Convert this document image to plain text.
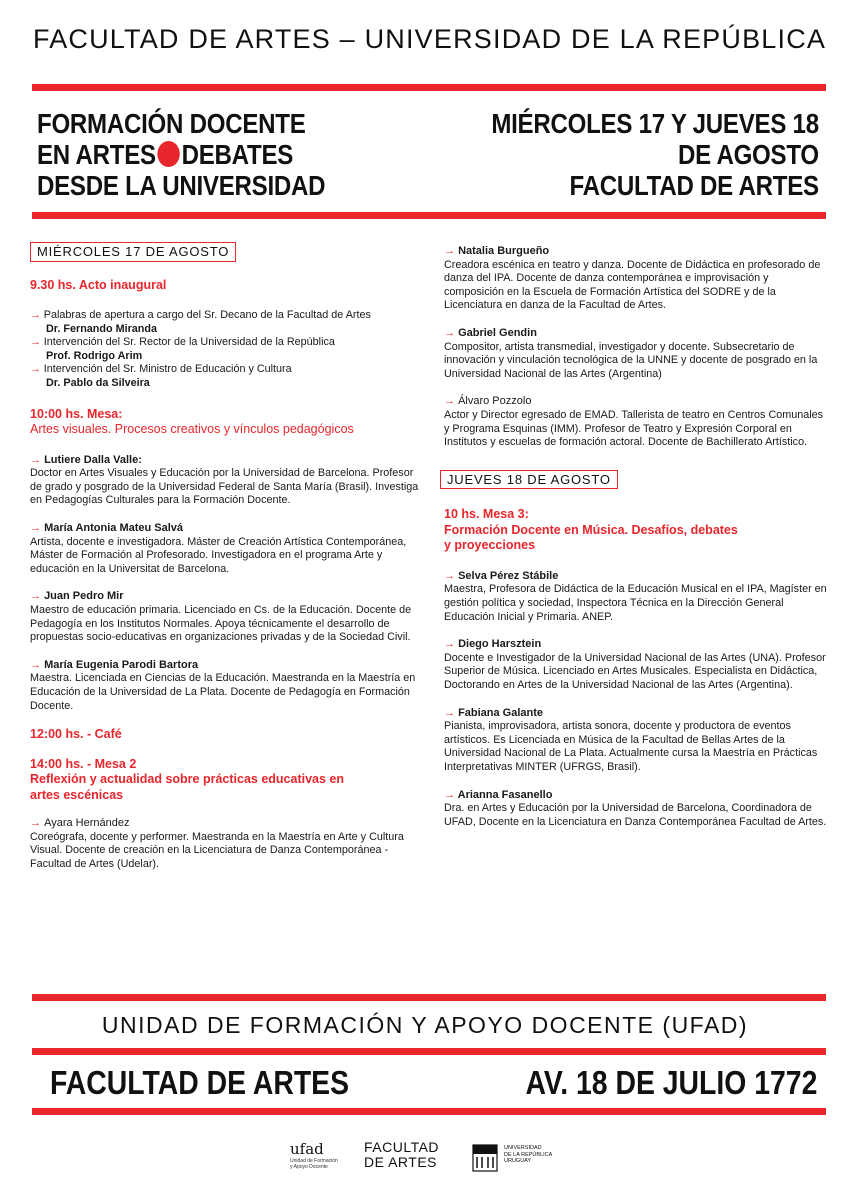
FACULTAD DE ARTES – UNIVERSIDAD DE LA REPÚBLICA
FORMACIÓN DOCENTE
EN ARTES DEBATES
DESDE LA UNIVERSIDAD
MIÉRCOLES 17 Y JUEVES 18
DE AGOSTO
FACULTAD DE ARTES
MIÉRCOLES 17 DE AGOSTO
9.30 hs. Acto inaugural
→ Palabras de apertura a cargo del Sr. Decano de la Facultad de Artes
Dr. Fernando Miranda
→ Intervención del Sr. Rector de la Universidad de la República
Prof. Rodrigo Arim
→ Intervención del Sr. Ministro de Educación y Cultura
Dr. Pablo da Silveira
10:00 hs. Mesa:
Artes visuales. Procesos creativos y vínculos pedagógicos
→ Lutiere Dalla Valle:
Doctor en Artes Visuales y Educación por la Universidad de Barcelona. Profesor de grado y posgrado de la Universidad Federal de Santa María (Brasil). Investiga en Pedagogías Culturales para la Formación Docente.
→ María Antonia Mateu Salvá
Artista, docente e investigadora. Máster de Creación Artística Contemporánea, Máster de Formación al Profesorado. Investigadora en el programa Arte y educación en la Universitat de Barcelona.
→ Juan Pedro Mir
Maestro de educación primaria. Licenciado en Cs. de la Educación. Docente de Pedagogía en los Institutos Normales. Apoya técnicamente el desarrollo de propuestas socio-educativas en organizaciones privadas y de la Sociedad Civil.
→ María Eugenia Parodi Bartora
Maestra. Licenciada en Ciencias de la Educación. Maestranda en la Maestría en Educación de la Universidad de La Plata. Docente de Pedagogía en Formación Docente.
12:00 hs. - Café
14:00 hs. - Mesa 2
Reflexión y actualidad sobre prácticas educativas en
artes escénicas
→ Ayara Hernández
Coreógrafa, docente y performer. Maestranda en la Maestría en Arte y Cultura Visual. Docente de creación en la Licenciatura de Danza Contemporánea - Facultad de Artes (Udelar).
→ Natalia Burgueño
Creadora escénica en teatro y danza. Docente de Didáctica en profesorado de danza del IPA. Docente de danza contemporánea e improvisación y composición en la Escuela de Formación Artística del SODRE y de la Licenciatura en danza de la Facultad de Artes.
→ Gabriel Gendin
Compositor, artista transmedial, investigador y docente. Subsecretario de innovación y vinculación tecnológica de la UNNE y docente de posgrado en la Universidad Nacional de las Artes (Argentina)
→ Álvaro Pozzolo
Actor y Director egresado de EMAD. Tallerista de teatro en Centros Comunales y Programa Esquinas (IMM). Profesor de Teatro y Expresión Corporal en Institutos y escuelas de formación actoral. Docente de Bachillerato Artístico.
JUEVES 18 DE AGOSTO
10 hs. Mesa 3:
Formación Docente en Música. Desafíos, debates
y proyecciones
→ Selva Pérez Stábile
Maestra, Profesora de Didáctica de la Educación Musical en el IPA, Magíster en gestión política y sociedad, Inspectora Técnica en la Dirección General Educación Inicial y Primaria. ANEP.
→ Diego Harsztein
Docente e Investigador de la Universidad Nacional de las Artes (UNA). Profesor Superior de Música. Licenciado en Artes Musicales. Especialista en Didáctica, Doctorando en Artes de la Universidad Nacional de las Artes (Argentina).
→ Fabiana Galante
Pianista, improvisadora, artista sonora, docente y productora de eventos artísticos. Es Licenciada en Música de la Facultad de Bellas Artes de la Universidad Nacional de La Plata. Actualmente cursa la Maestría en Prácticas Interpretativas MINTER (UFRGS, Brasil).
→ Arianna Fasanello
Dra. en Artes y Educación por la Universidad de Barcelona, Coordinadora de UFAD, Docente en la Licenciatura en Danza Contemporánea Facultad de Artes.
UNIDAD DE FORMACIÓN Y APOYO DOCENTE (UFAD)
FACULTAD DE ARTES	AV. 18 DE JULIO 1772
ufad
Unidad de Formación
y Apoyo Docente
FACULTAD
DE ARTES
UNIVERSIDAD
DE LA REPÚBLICA
URUGUAY
